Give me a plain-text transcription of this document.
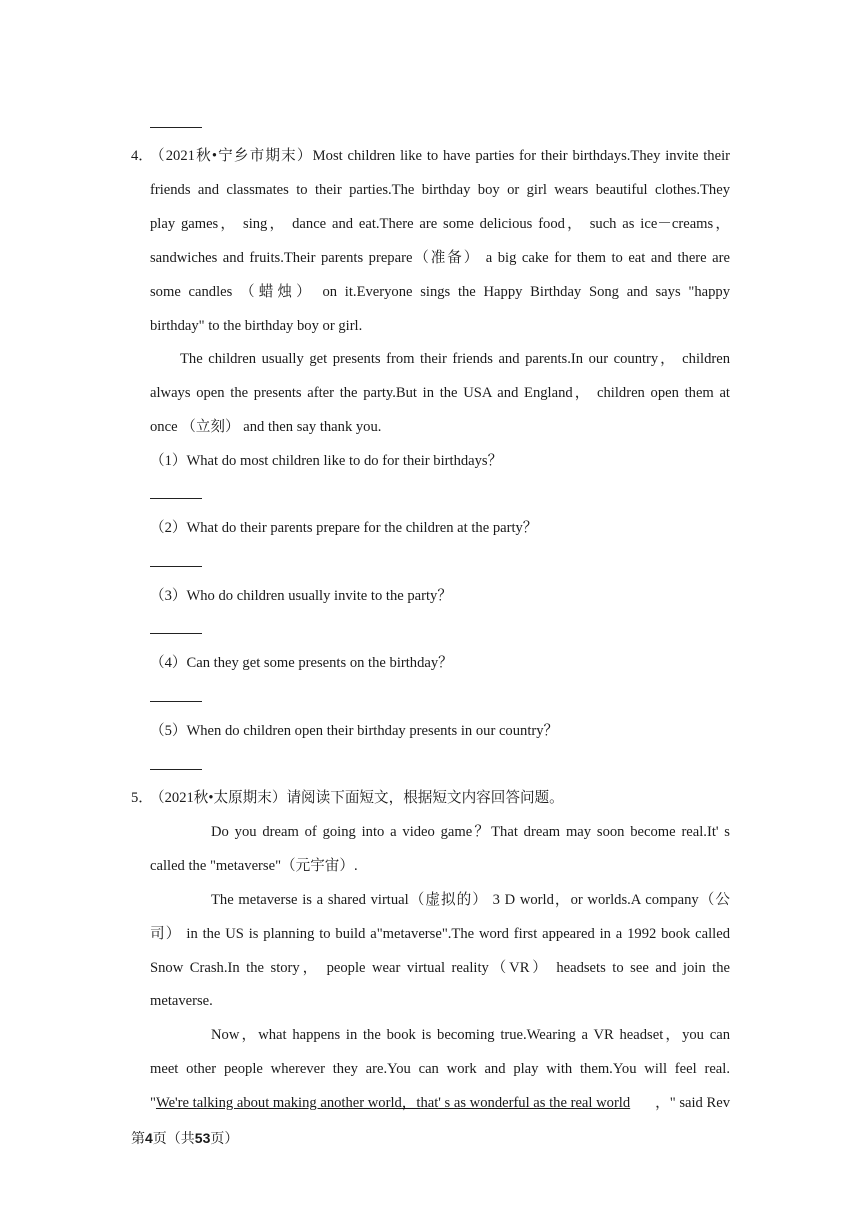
4．
（2021秋•宁乡市期末）Most children like to have parties for their birthdays.They invite their
friends and classmates to their parties.The birthday boy or girl wears beautiful clothes.They
play games， sing， dance and eat.There are some delicious food， such as ice－creams，
sandwiches and fruits.Their parents prepare（准备） a big cake for them to eat and there are
some candles （蜡烛） on it.Everyone sings the Happy Birthday Song and says "happy
birthday" to the birthday boy or girl.
The children usually get presents from their friends and parents.In our country， children
always open the presents after the party.But in the USA and England， children open them at
once （立刻） and then say thank you.
（1）What do most children like to do for their birthdays？
（2）What do their parents prepare for the children at the party？
（3）Who do children usually invite to the party？
（4）Can they get some presents on the birthday？
（5）When do children open their birthday presents in our country？
5．
（2021秋•太原期末）请阅读下面短文，根据短文内容回答问题。
Do you dream of going into a video game？That dream may soon become real.It' s
called the "metaverse"（元宇宙）.
The metaverse is a shared virtual（虚拟的） 3 D world，or worlds.A company（公
司） in the US is planning to build a"metaverse".The word first appeared in a 1992 book called
Snow Crash.In the story， people wear virtual reality（VR） headsets to see and join the
metaverse.
Now，what happens in the book is becoming true.Wearing a VR headset，you can
meet other people wherever they are.You can work and play with them.You will feel real.
"We're talking about making another world，that' s as wonderful as the real world ，" said Rev
第4页（共53页）
